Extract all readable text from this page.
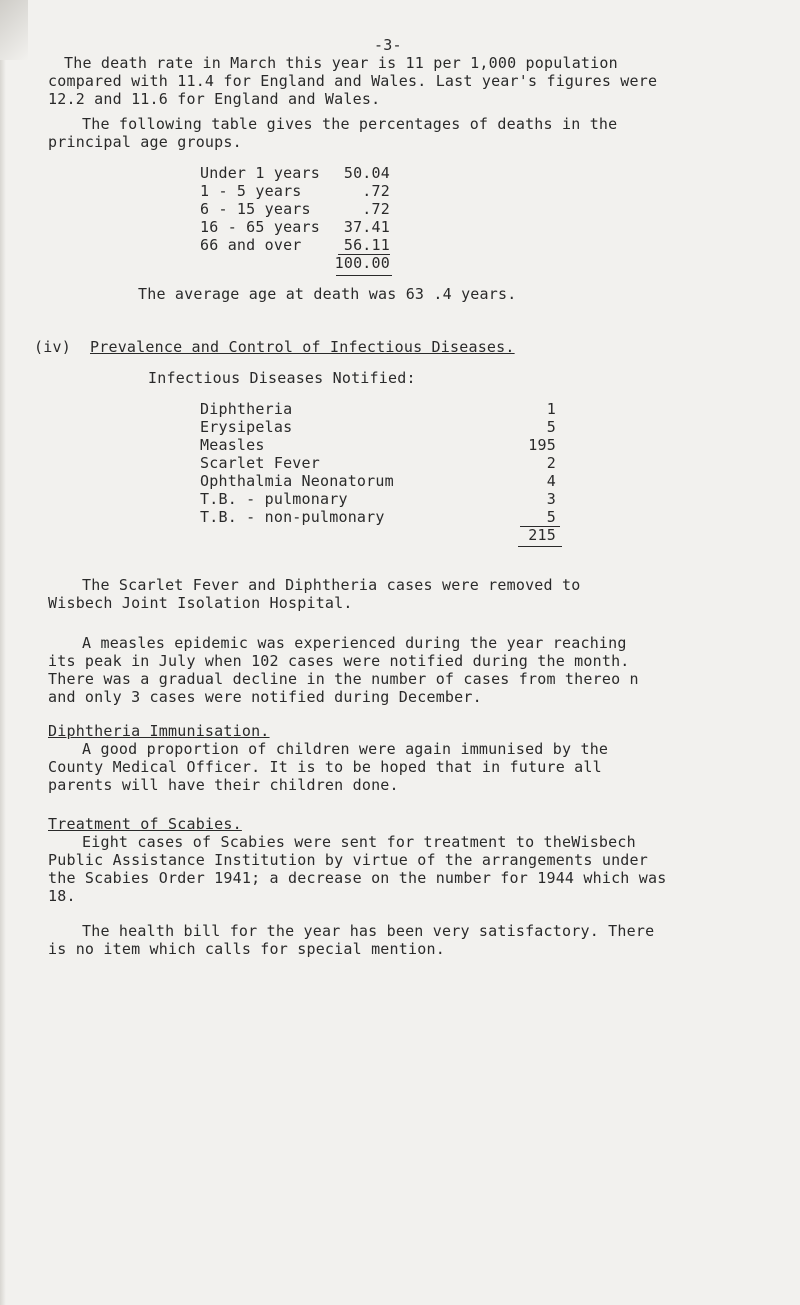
-3-
The death rate in March this year is 11 per 1,000 population
compared with 11.4 for England and Wales. Last year's figures were
12.2 and 11.6 for England and Wales.
The following table gives the percentages of deaths in the
principal age groups.
Under 1 years	50.04
1 - 5 years	.72
6 - 15 years	.72
16 - 65 years	37.41
66 and over	56.11
100.00
The average age at death was 63 .4 years.
(iv) Prevalence and Control of Infectious Diseases.
Infectious Diseases Notified:
Diphtheria	1
Erysipelas	5
Measles	195
Scarlet Fever	2
Ophthalmia Neonatorum	4
T.B. - pulmonary	3
T.B. - non-pulmonary	5
215
The Scarlet Fever and Diphtheria cases were removed to
Wisbech Joint Isolation Hospital.
A measles epidemic was experienced during the year reaching
its peak in July when 102 cases were notified during the month.
There was a gradual decline in the number of cases from thereo n
and only 3 cases were notified during December.
Diphtheria Immunisation.
A good proportion of children were again immunised by the
County Medical Officer. It is to be hoped that in future all
parents will have their children done.
Treatment of Scabies.
Eight cases of Scabies were sent for treatment to theWisbech
Public Assistance Institution by virtue of the arrangements under
the Scabies Order 1941; a decrease on the number for 1944 which was
18.
The health bill for the year has been very satisfactory. There
is no item which calls for special mention.
